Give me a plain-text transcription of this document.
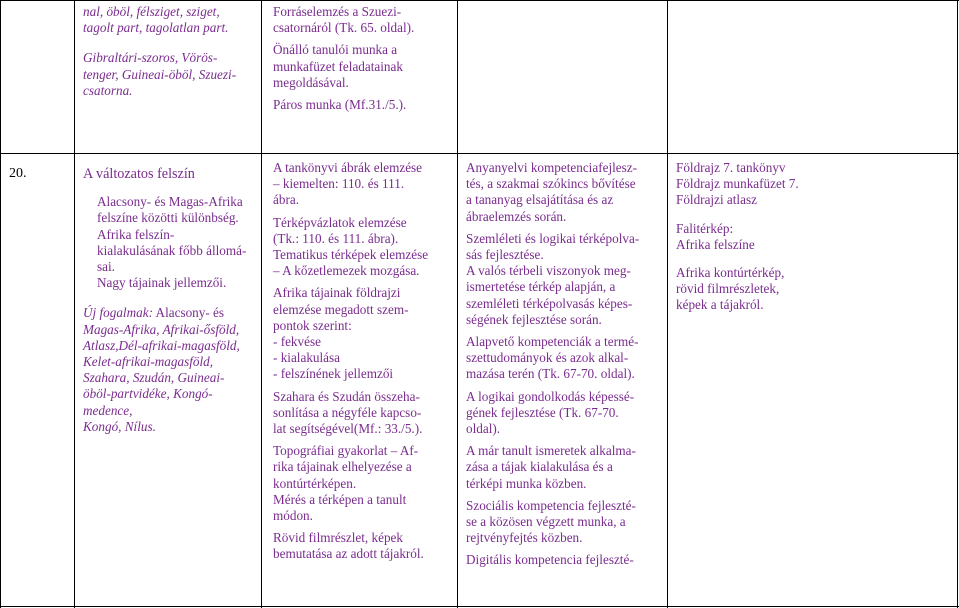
nal, öböl, félsziget, sziget,
tagolt part, tagolatlan part.

Gibraltári-szoros, Vörös-
tenger, Guineai-öböl, Szuezi-
csatorna.

Forráselemzés a Szuezi-
csatornáról (Tk. 65. oldal).

Önálló tanulói munka a
munkafüzet feladatainak
megoldásával.

Páros munka (Mf.31./5.).

20.	A változatos felszín

Alacsony- és Magas-Afrika
felszíne közötti különbség.
Afrika felszín-
kialakulásának főbb állomá-
sai.
Nagy tájainak jellemzői.

Új fogalmak: Alacsony- és
Magas-Afrika, Afrikai-ősföld,
Atlasz,Dél-afrikai-magasföld,
Kelet-afrikai-magasföld,
Szahara, Szudán, Guineai-
öböl-partvidéke, Kongó-
medence,
Kongó, Nílus.

A tankönyvi ábrák elemzése
– kiemelten: 110. és 111.
ábra.

Térképvázlatok elemzése
(Tk.: 110. és 111. ábra).
Tematikus térképek elemzése
– A kőzetlemezek mozgása.

Afrika tájainak földrajzi
elemzése megadott szem-
pontok szerint:
- fekvése
- kialakulása
- felszínének jellemzői

Szahara és Szudán összeha-
sonlítása a négyféle kapcso-
lat segítségével(Mf.: 33./5.).

Topográfiai gyakorlat – Af-
rika tájainak elhelyezése a
kontúrtérképen.
Mérés a térképen a tanult
módon.

Rövid filmrészlet, képek
bemutatása az adott tájakról.

Anyanyelvi kompetenciafejlesz-
tés, a szakmai szókincs bővítése
a tananyag elsajátítása és az
ábraelemzés során.

Szemléleti és logikai térképolva-
sás fejlesztése.
A valós térbeli viszonyok meg-
ismertetése térkép alapján, a
szemléleti térképolvasás képes-
ségének fejlesztése során.

Alapvető kompetenciák a termé-
szettudományok és azok alkal-
mazása terén (Tk. 67-70. oldal).

A logikai gondolkodás képessé-
gének fejlesztése (Tk. 67-70.
oldal).

A már tanult ismeretek alkalma-
zása a tájak kialakulása és a
térképi munka közben.

Szociális kompetencia fejleszté-
se a közösen végzett munka, a
rejtvényfejtés közben.

Digitális kompetencia fejleszté-

Földrajz 7. tankönyv
Földrajz munkafüzet 7.
Földrajzi atlasz

Falitérkép:
Afrika felszíne

Afrika kontúrtérkép,
rövid filmrészletek,
képek a tájakról.
